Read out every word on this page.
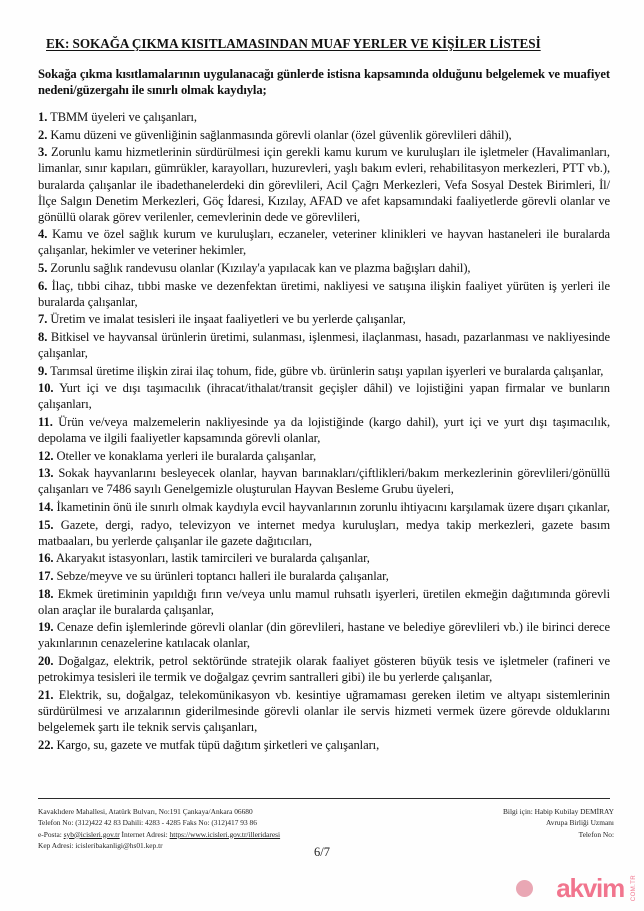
EK: SOKAĞA ÇIKMA KISITLAMASINDAN MUAF YERLER VE KİŞİLER LİSTESİ

Sokağa çıkma kısıtlamalarının uygulanacağı günlerde istisna kapsamında olduğunu belgelemek ve muafiyet nedeni/güzergahı ile sınırlı olmak kaydıyla;

1. TBMM üyeleri ve çalışanları,
2. Kamu düzeni ve güvenliğinin sağlanmasında görevli olanlar (özel güvenlik görevlileri dâhil),
3. Zorunlu kamu hizmetlerinin sürdürülmesi için gerekli kamu kurum ve kuruluşları ile işletmeler (Havalimanları, limanlar, sınır kapıları, gümrükler, karayolları, huzurevleri, yaşlı bakım evleri, rehabilitasyon merkezleri, PTT vb.), buralarda çalışanlar ile ibadethanelerdeki din görevlileri, Acil Çağrı Merkezleri, Vefa Sosyal Destek Birimleri, İl/İlçe Salgın Denetim Merkezleri, Göç İdaresi, Kızılay, AFAD ve afet kapsamındaki faaliyetlerde görevli olanlar ve gönüllü olarak görev verilenler, cemevlerinin dede ve görevlileri,
4. Kamu ve özel sağlık kurum ve kuruluşları, eczaneler, veteriner klinikleri ve hayvan hastaneleri ile buralarda çalışanlar, hekimler ve veteriner hekimler,
5. Zorunlu sağlık randevusu olanlar (Kızılay'a yapılacak kan ve plazma bağışları dahil),
6. İlaç, tıbbi cihaz, tıbbi maske ve dezenfektan üretimi, nakliyesi ve satışına ilişkin faaliyet yürüten iş yerleri ile buralarda çalışanlar,
7. Üretim ve imalat tesisleri ile inşaat faaliyetleri ve bu yerlerde çalışanlar,
8. Bitkisel ve hayvansal ürünlerin üretimi, sulanması, işlenmesi, ilaçlanması, hasadı, pazarlanması ve nakliyesinde çalışanlar,
9. Tarımsal üretime ilişkin zirai ilaç tohum, fide, gübre vb. ürünlerin satışı yapılan işyerleri ve buralarda çalışanlar,
10. Yurt içi ve dışı taşımacılık (ihracat/ithalat/transit geçişler dâhil) ve lojistiğini yapan firmalar ve bunların çalışanları,
11. Ürün ve/veya malzemelerin nakliyesinde ya da lojistiğinde (kargo dahil), yurt içi ve yurt dışı taşımacılık, depolama ve ilgili faaliyetler kapsamında görevli olanlar,
12. Oteller ve konaklama yerleri ile buralarda çalışanlar,
13. Sokak hayvanlarını besleyecek olanlar, hayvan barınakları/çiftlikleri/bakım merkezlerinin görevlileri/gönüllü çalışanları ve 7486 sayılı Genelgemizle oluşturulan Hayvan Besleme Grubu üyeleri,
14. İkametinin önü ile sınırlı olmak kaydıyla evcil hayvanlarının zorunlu ihtiyacını karşılamak üzere dışarı çıkanlar,
15. Gazete, dergi, radyo, televizyon ve internet medya kuruluşları, medya takip merkezleri, gazete basım matbaaları, bu yerlerde çalışanlar ile gazete dağıtıcıları,
16. Akaryakıt istasyonları, lastik tamircileri ve buralarda çalışanlar,
17. Sebze/meyve ve su ürünleri toptancı halleri ile buralarda çalışanlar,
18. Ekmek üretiminin yapıldığı fırın ve/veya unlu mamul ruhsatlı işyerleri, üretilen ekmeğin dağıtımında görevli olan araçlar ile buralarda çalışanlar,
19. Cenaze defin işlemlerinde görevli olanlar (din görevlileri, hastane ve belediye görevlileri vb.) ile birinci derece yakınlarının cenazelerine katılacak olanlar,
20. Doğalgaz, elektrik, petrol sektöründe stratejik olarak faaliyet gösteren büyük tesis ve işletmeler (rafineri ve petrokimya tesisleri ile termik ve doğalgaz çevrim santralleri gibi) ile bu yerlerde çalışanlar,
21. Elektrik, su, doğalgaz, telekomünikasyon vb. kesintiye uğramaması gereken iletim ve altyapı sistemlerinin sürdürülmesi ve arızalarının giderilmesinde görevli olanlar ile servis hizmeti vermek üzere görevde olduklarını belgelemek şartı ile teknik servis çalışanları,
22. Kargo, su, gazete ve mutfak tüpü dağıtım şirketleri ve çalışanları,
Kavaklıdere Mahallesi, Atatürk Bulvarı, No:191 Çankaya/Ankara 06680
Telefon No: (312)422 42 83 Dahili: 4283 - 4285 Faks No: (312)417 93 86
e-Posta: syb@icisleri.gov.tr İnternet Adresi: https://www.icisleri.gov.tr/illeridaresi
Kep Adresi: icisleribakanligi@hs01.kep.tr
Bilgi için: Habip Kubilay DEMİRAY
Avrupa Birliği Uzmanı
Telefon No:
6/7
akvim COM.TR
